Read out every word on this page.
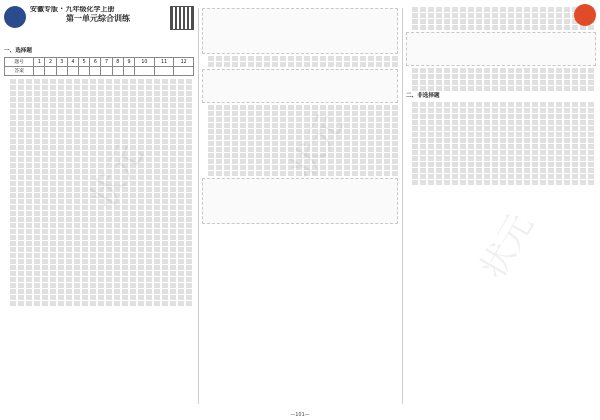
安徽专版 · 九年级化学上册
第一单元综合训练
一、选择题
题号	1	2	3	4	5	6	7	8	9	10	11	12
答案												
二、非选择题
状元	状元
状元
—101—
